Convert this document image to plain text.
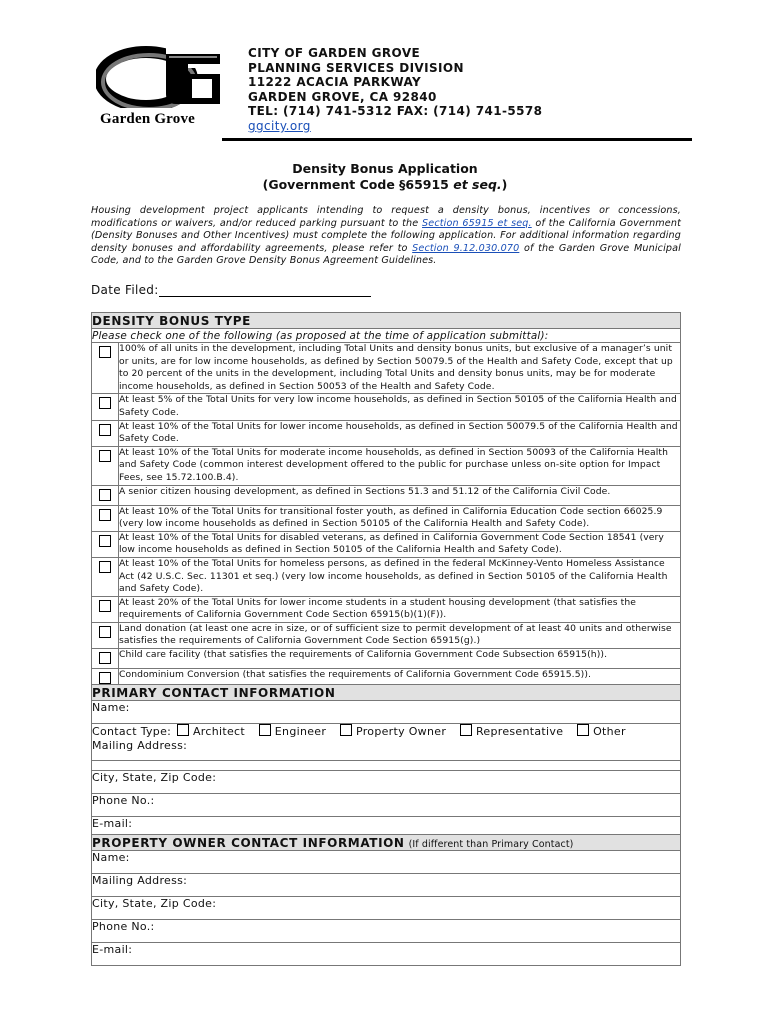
Garden Grove
CITY OF GARDEN GROVE
PLANNING SERVICES DIVISION
11222 ACACIA PARKWAY
GARDEN GROVE, CA 92840
TEL: (714) 741-5312 FAX: (714) 741-5578
ggcity.org
Density Bonus Application
(Government Code §65915 et seq.)
Housing development project applicants intending to request a density bonus, incentives or concessions, modifications or waivers, and/or reduced parking pursuant to the Section 65915 et seq. of the California Government (Density Bonuses and Other Incentives) must complete the following application. For additional information regarding density bonuses and affordability agreements, please refer to Section 9.12.030.070 of the Garden Grove Municipal Code, and to the Garden Grove Density Bonus Agreement Guidelines.
Date Filed:
DENSITY BONUS TYPE	
Please check one of the following (as proposed at the time of application submittal):	
	100% of all units in the development, including Total Units and density bonus units, but exclusive of a manager’s unit or units, are for low income households, as defined by Section 50079.5 of the Health and Safety Code, except that up to 20 percent of the units in the development, including Total Units and density bonus units, may be for moderate income households, as defined in Section 50053 of the Health and Safety Code.
	At least 5% of the Total Units for very low income households, as defined in Section 50105 of the California Health and Safety Code.
	At least 10% of the Total Units for lower income households, as defined in Section 50079.5 of the California Health and Safety Code.
	At least 10% of the Total Units for moderate income households, as defined in Section 50093 of the California Health and Safety Code (common interest development offered to the public for purchase unless on-site option for Impact Fees, see 15.72.100.B.4).
	A senior citizen housing development, as defined in Sections 51.3 and 51.12 of the California Civil Code.
	At least 10% of the Total Units for transitional foster youth, as defined in California Education Code section 66025.9 (very low income households as defined in Section 50105 of the California Health and Safety Code).
	At least 10% of the Total Units for disabled veterans, as defined in California Government Code Section 18541 (very low income households as defined in Section 50105 of the California Health and Safety Code).
	At least 10% of the Total Units for homeless persons, as defined in the federal McKinney-Vento Homeless Assistance Act (42 U.S.C. Sec. 11301 et seq.) (very low income households, as defined in Section 50105 of the California Health and Safety Code).
	At least 20% of the Total Units for lower income students in a student housing development (that satisfies the requirements of California Government Code Section 65915(b)(1)(F)).
	Land donation (at least one acre in size, or of sufficient size to permit development of at least 40 units and otherwise satisfies the requirements of California Government Code Section 65915(g).)
	Child care facility (that satisfies the requirements of California Government Code Subsection 65915(h)).
	Condominium Conversion (that satisfies the requirements of California Government Code 65915.5)).
PRIMARY CONTACT INFORMATION
Name:

Contact Type: Architect	Engineer	Property Owner	Representative	Other
Mailing Address:

City, State, Zip Code:
Phone No.:
E-mail:
PROPERTY OWNER CONTACT INFORMATION (If different than Primary Contact)
Name:
Mailing Address:
City, State, Zip Code:
Phone No.:
E-mail:
